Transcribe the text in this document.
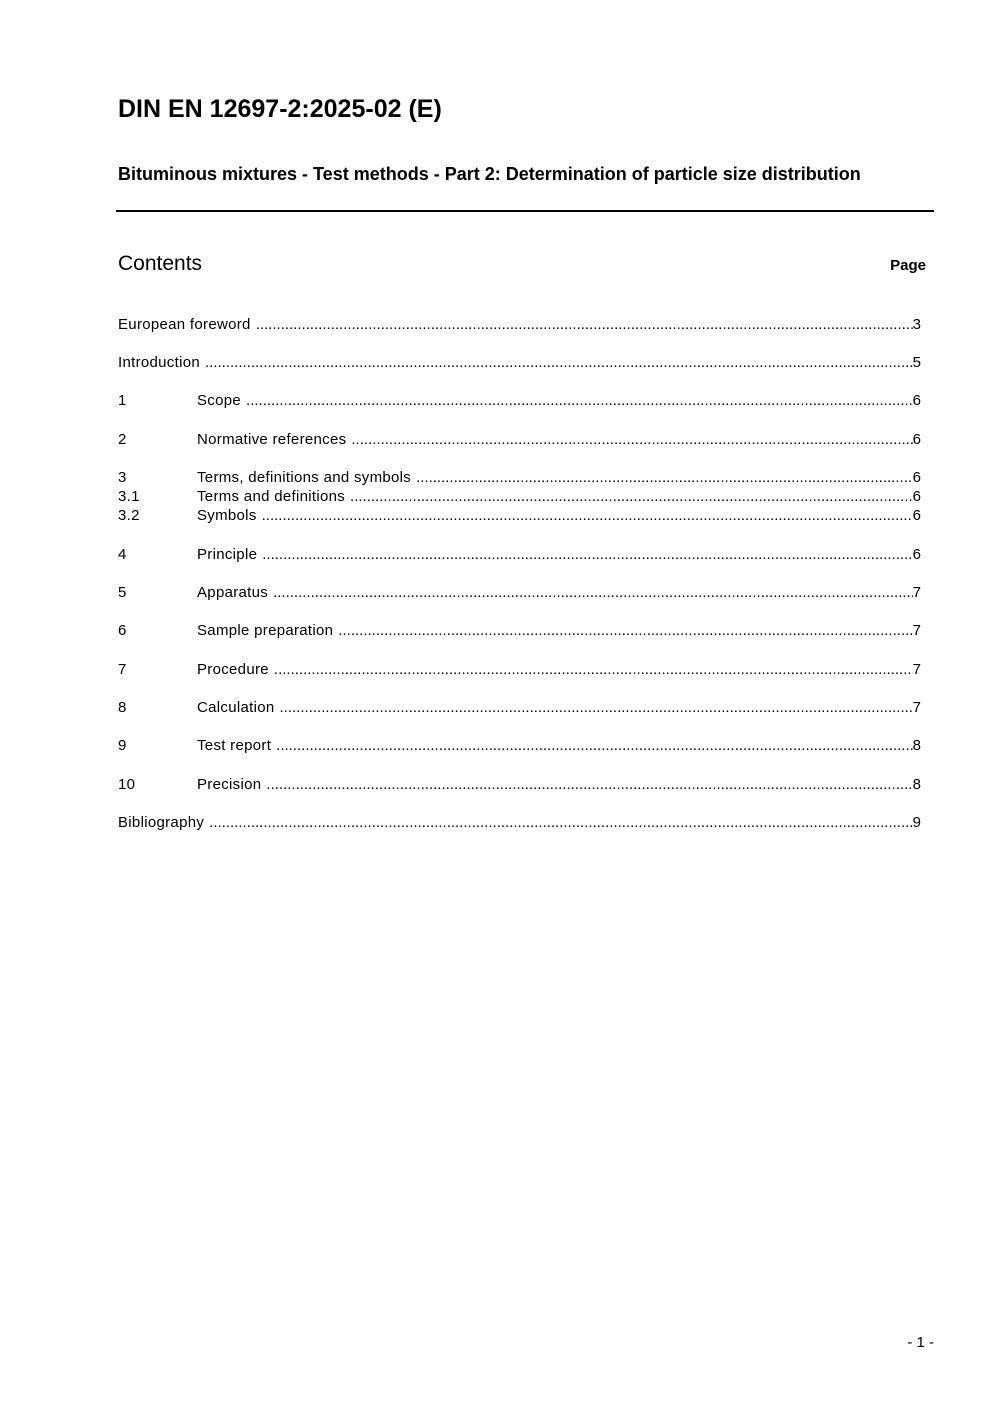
DIN EN 12697-2:2025-02 (E)
Bituminous mixtures - Test methods - Part 2: Determination of particle size distribution
Contents	Page
European foreword .....	3
Introduction .....	5
1	Scope .....	6
2	Normative references .....	6
3	Terms, definitions and symbols .....	6
3.1	Terms and definitions .....	6
3.2	Symbols .....	6
4	Principle .....	6
5	Apparatus .....	7
6	Sample preparation .....	7
7	Procedure .....	7
8	Calculation .....	7
9	Test report .....	8
10	Precision .....	8
Bibliography .....	9
- 1 -
